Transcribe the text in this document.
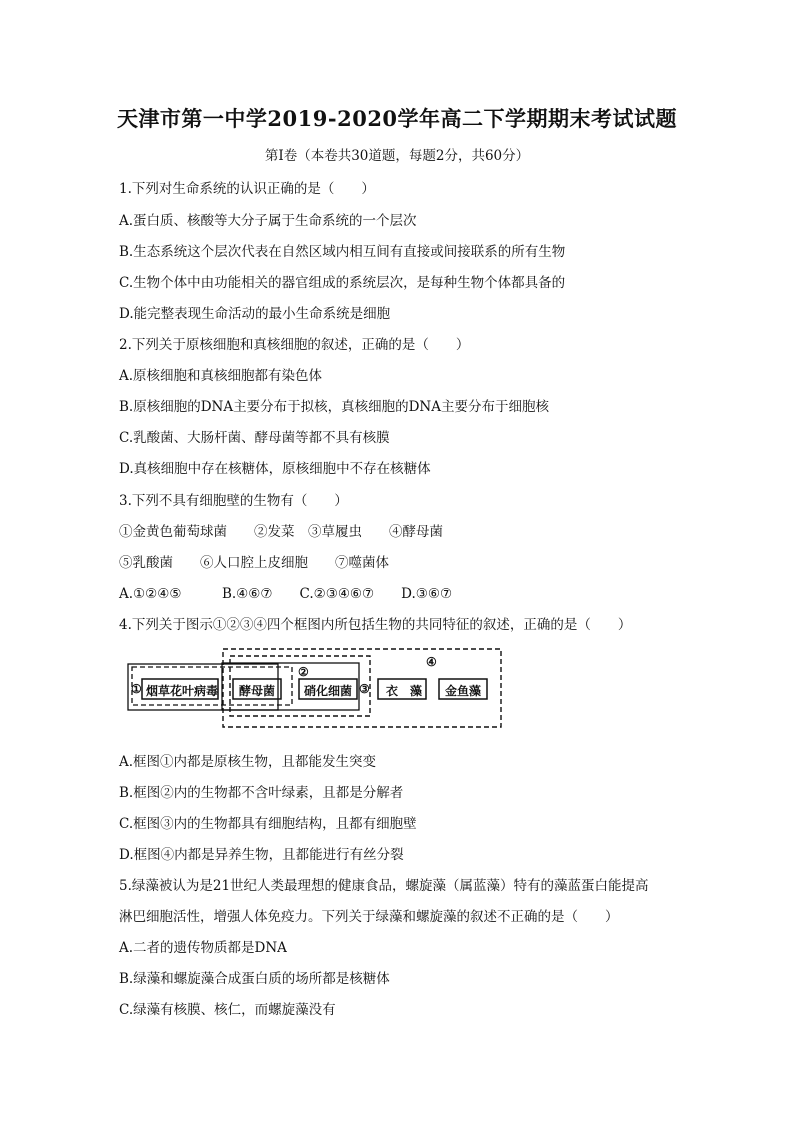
天津市第一中学2019-2020学年高二下学期期末考试试题
第Ⅰ卷（本卷共30道题，每题2分，共60分）
1.下列对生命系统的认识正确的是（　　）
A.蛋白质、核酸等大分子属于生命系统的一个层次
B.生态系统这个层次代表在自然区域内相互间有直接或间接联系的所有生物
C.生物个体中由功能相关的器官组成的系统层次，是每种生物个体都具备的
D.能完整表现生命活动的最小生命系统是细胞
2.下列关于原核细胞和真核细胞的叙述，正确的是（　　）
A.原核细胞和真核细胞都有染色体
B.原核细胞的DNA主要分布于拟核，真核细胞的DNA主要分布于细胞核
C.乳酸菌、大肠杆菌、酵母菌等都不具有核膜
D.真核细胞中存在核糖体，原核细胞中不存在核糖体
3.下列不具有细胞壁的生物有（　　）
①金黄色葡萄球菌　　②发菜　③草履虫　　④酵母菌
⑤乳酸菌　　⑥人口腔上皮细胞　　⑦噬菌体
A.①②④⑤　　　B.④⑥⑦　　C.②③④⑥⑦　　D.③⑥⑦
4.下列关于图示①②③④四个框图内所包括生物的共同特征的叙述，正确的是（　　）
①
②
③
④
烟草花叶病毒 酵母菌 硝化细菌	衣　藻 金鱼藻
A.框图①内都是原核生物，且都能发生突变
B.框图②内的生物都不含叶绿素，且都是分解者
C.框图③内的生物都具有细胞结构，且都有细胞壁
D.框图④内都是异养生物，且都能进行有丝分裂
5.绿藻被认为是21世纪人类最理想的健康食品，螺旋藻（属蓝藻）特有的藻蓝蛋白能提高
淋巴细胞活性，增强人体免疫力。下列关于绿藻和螺旋藻的叙述不正确的是（　　）
A.二者的遗传物质都是DNA
B.绿藻和螺旋藻合成蛋白质的场所都是核糖体
C.绿藻有核膜、核仁，而螺旋藻没有
